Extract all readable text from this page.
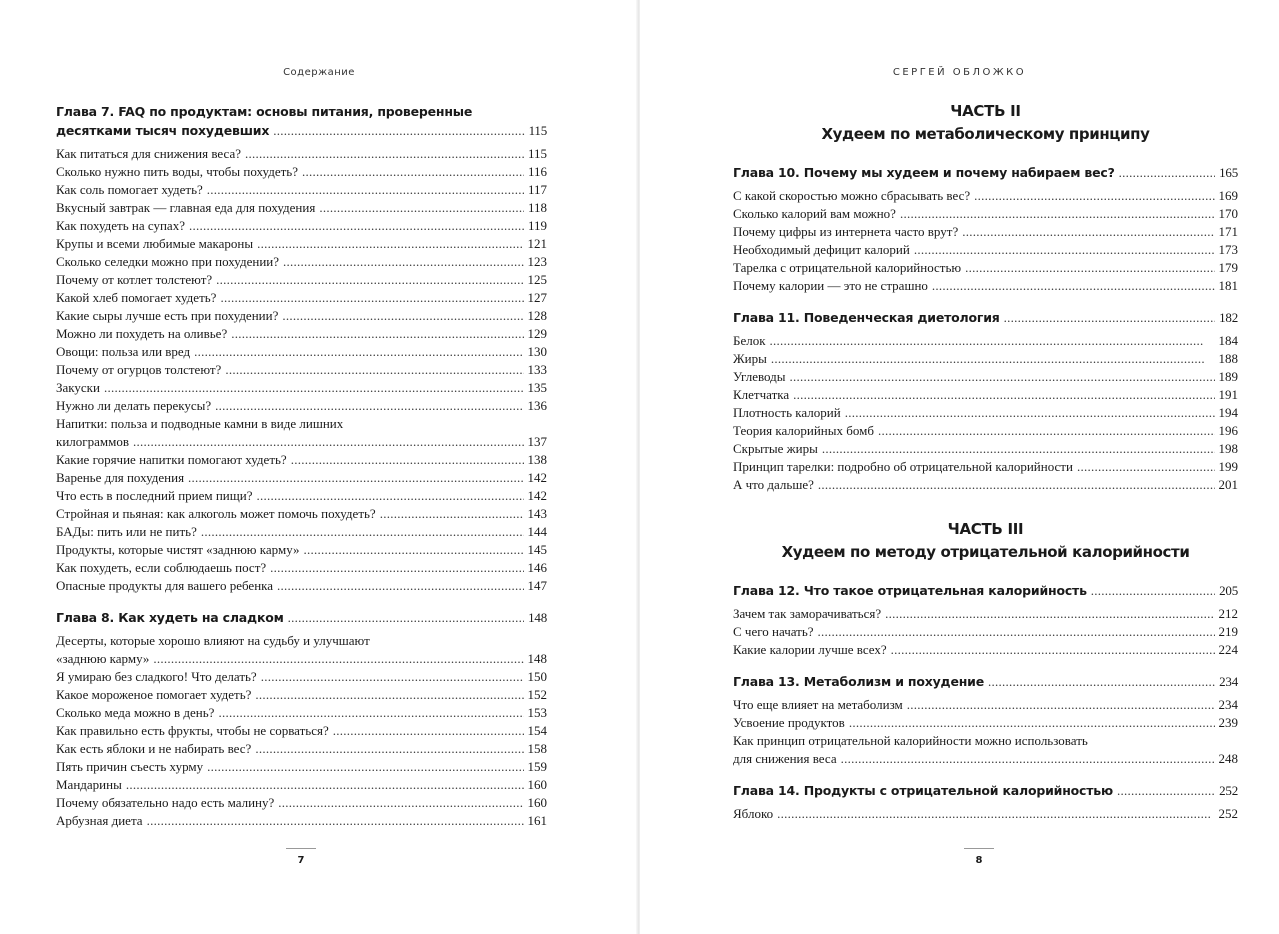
Содержание
Глава 7. FAQ по продуктам: основы питания, проверенные
десятками тысяч похудевших . . .	115
Как питаться для снижения веса? . . .	115
Сколько нужно пить воды, чтобы похудеть? . . .	116
Как соль помогает худеть? . . .	117
Вкусный завтрак — главная еда для похудения . . .	118
Как похудеть на супах? . . .	119
Крупы и всеми любимые макароны . . .	121
Сколько селедки можно при похудении? . . .	123
Почему от котлет толстеют? . . .	125
Какой хлеб помогает худеть? . . .	127
Какие сыры лучше есть при похудении? . . .	128
Можно ли похудеть на оливье? . . .	129
Овощи: польза или вред . . .	130
Почему от огурцов толстеют? . . .	133
Закуски . . .	135
Нужно ли делать перекусы? . . .	136
Напитки: польза и подводные камни в виде лишних
килограммов . . .	137
Какие горячие напитки помогают худеть? . . .	138
Варенье для похудения . . .	142
Что есть в последний прием пищи? . . .	142
Стройная и пьяная: как алкоголь может помочь похудеть? . . .	143
БАДы: пить или не пить? . . .	144
Продукты, которые чистят «заднюю карму» . . .	145
Как похудеть, если соблюдаешь пост? . . .	146
Опасные продукты для вашего ребенка . . .	147
Глава 8. Как худеть на сладком . . .	148
Десерты, которые хорошо влияют на судьбу и улучшают
«заднюю карму» . . .	148
Я умираю без сладкого! Что делать? . . .	150
Какое мороженое помогает худеть? . . .	152
Сколько меда можно в день? . . .	153
Как правильно есть фрукты, чтобы не сорваться? . . .	154
Как есть яблоки и не набирать вес? . . .	158
Пять причин съесть хурму . . .	159
Мандарины . . .	160
Почему обязательно надо есть малину? . . .	160
Арбузная диета . . .	161
7
СЕРГЕЙ ОБЛОЖКО
ЧАСТЬ II
Худеем по метаболическому принципу
Глава 10. Почему мы худеем и почему набираем вес? . . .	165
С какой скоростью можно сбрасывать вес? . . .	169
Сколько калорий вам можно? . . .	170
Почему цифры из интернета часто врут? . . .	171
Необходимый дефицит калорий . . .	173
Тарелка с отрицательной калорийностью . . .	179
Почему калории — это не страшно . . .	181
Глава 11. Поведенческая диетология . . .	182
Белок . . .	184
Жиры . . .	188
Углеводы . . .	189
Клетчатка . . .	191
Плотность калорий . . .	194
Теория калорийных бомб . . .	196
Скрытые жиры . . .	198
Принцип тарелки: подробно об отрицательной калорийности . . .	199
А что дальше? . . .	201
ЧАСТЬ III
Худеем по методу отрицательной калорийности
Глава 12. Что такое отрицательная калорийность . . .	205
Зачем так заморачиваться? . . .	212
С чего начать? . . .	219
Какие калории лучше всех? . . .	224
Глава 13. Метаболизм и похудение . . .	234
Что еще влияет на метаболизм . . .	234
Усвоение продуктов . . .	239
Как принцип отрицательной калорийности можно использовать
для снижения веса . . .	248
Глава 14. Продукты с отрицательной калорийностью . . .	252
Яблоко . . .	252
8
